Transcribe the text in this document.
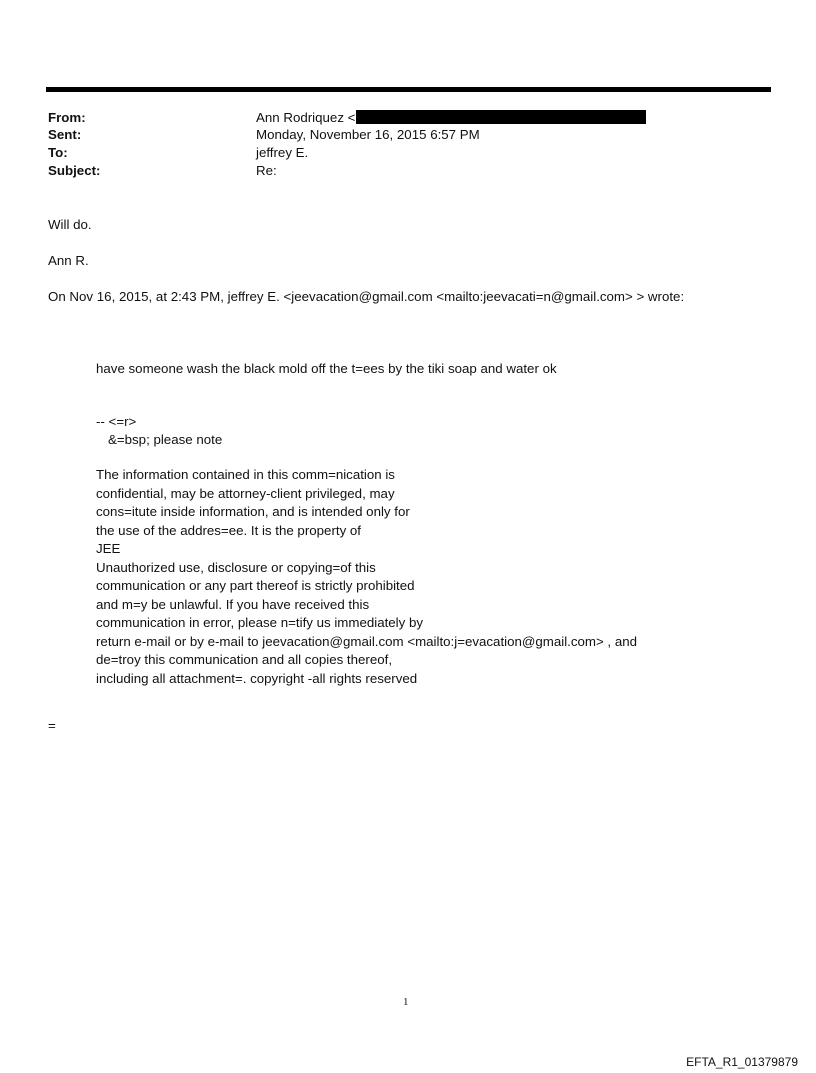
From:	Ann Rodriquez <
Sent:	Monday, November 16, 2015 6:57 PM
To:	jeffrey E.
Subject:	Re:
Will do.
Ann R.
On Nov 16, 2015, at 2:43 PM, jeffrey E. <jeevacation@gmail.com <mailto:jeevacati=n@gmail.com> > wrote:
have someone wash the black mold off the t=ees by the tiki soap and water ok
-- <=r>
&=bsp; please note
The information contained in this comm=nication is
confidential, may be attorney-client privileged, may
cons=itute inside information, and is intended only for
the use of the addres=ee. It is the property of
JEE
Unauthorized use, disclosure or copying=of this
communication or any part thereof is strictly prohibited
and m=y be unlawful. If you have received this
communication in error, please n=tify us immediately by
return e-mail or by e-mail to jeevacation@gmail.com <mailto:j=evacation@gmail.com> , and
de=troy this communication and all copies thereof,
including all attachment=. copyright -all rights reserved
=
1
EFTA_R1_01379879
